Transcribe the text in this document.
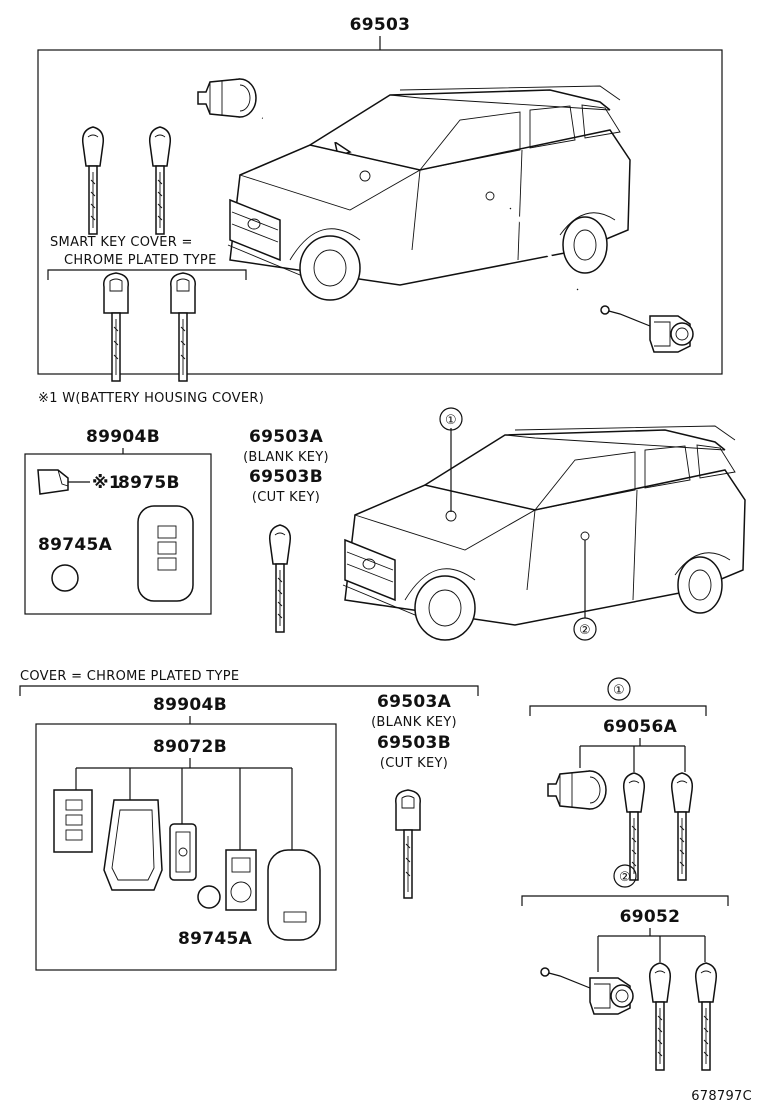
69503
SMART KEY COVER =
CHROME PLATED TYPE
※1 W(BATTERY HOUSING COVER)
89904B
※1
8975B
89745A
69503A
(BLANK KEY)
69503B
(CUT KEY)
①
②
COVER = CHROME PLATED TYPE
89904B
89072B
89745A
69503A
(BLANK KEY)
69503B
(CUT KEY)
①
69056A
②
69052
678797C
